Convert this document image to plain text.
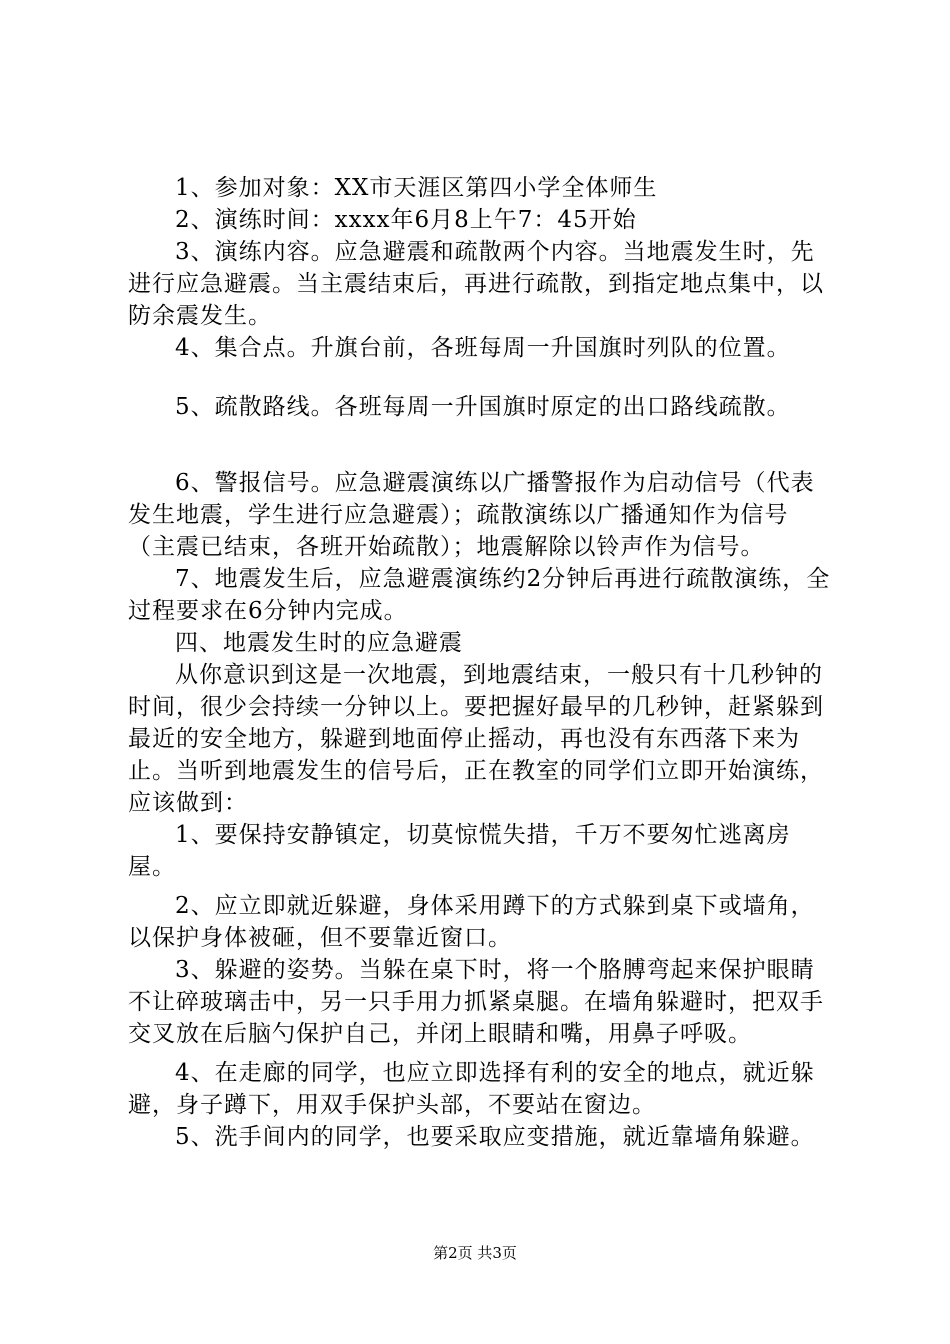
1、参加对象：XX市天涯区第四小学全体师生

2、演练时间：xxxx年6月8上午7：45开始

3、演练内容。应急避震和疏散两个内容。当地震发生时，先进行应急避震。当主震结束后，再进行疏散，到指定地点集中，以防余震发生。

4、集合点。升旗台前，各班每周一升国旗时列队的位置。

5、疏散路线。各班每周一升国旗时原定的出口路线疏散。

6、警报信号。应急避震演练以广播警报作为启动信号（代表发生地震，学生进行应急避震）；疏散演练以广播通知作为信号（主震已结束，各班开始疏散）；地震解除以铃声作为信号。

7、地震发生后，应急避震演练约2分钟后再进行疏散演练，全过程要求在6分钟内完成。

四、地震发生时的应急避震

从你意识到这是一次地震，到地震结束，一般只有十几秒钟的时间，很少会持续一分钟以上。要把握好最早的几秒钟，赶紧躲到最近的安全地方，躲避到地面停止摇动，再也没有东西落下来为止。当听到地震发生的信号后，正在教室的同学们立即开始演练，应该做到：

1、要保持安静镇定，切莫惊慌失措，千万不要匆忙逃离房屋。

2、应立即就近躲避，身体采用蹲下的方式躲到桌下或墙角，以保护身体被砸，但不要靠近窗口。

3、躲避的姿势。当躲在桌下时，将一个胳膊弯起来保护眼睛不让碎玻璃击中，另一只手用力抓紧桌腿。在墙角躲避时，把双手交叉放在后脑勺保护自己，并闭上眼睛和嘴，用鼻子呼吸。

4、在走廊的同学，也应立即选择有利的安全的地点，就近躲避，身子蹲下，用双手保护头部，不要站在窗边。

5、洗手间内的同学，也要采取应变措施，就近靠墙角躲避。

第2页 共3页
